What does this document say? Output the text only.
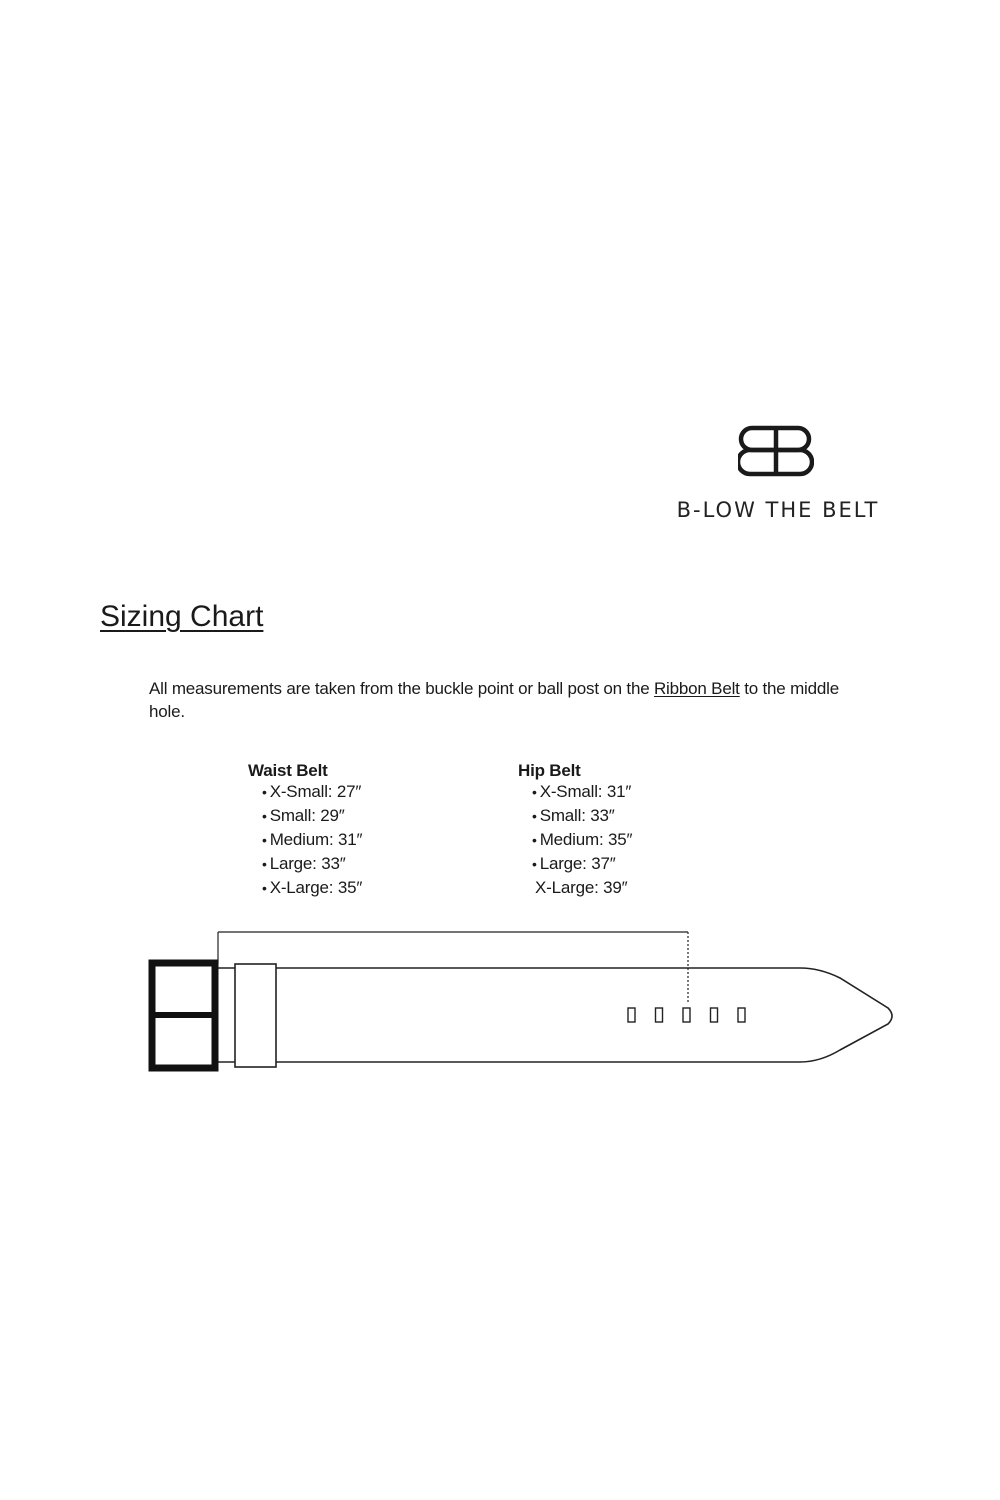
B-LOW THE BELT
Sizing Chart
All measurements are taken from the buckle point or ball post on the Ribbon Belt to the middle hole.
Waist Belt
• X-Small: 27″
• Small: 29″
• Medium: 31″
• Large: 33″
• X-Large: 35″
Hip Belt
• X-Small: 31″
• Small: 33″
• Medium: 35″
• Large: 37″
X-Large: 39″
